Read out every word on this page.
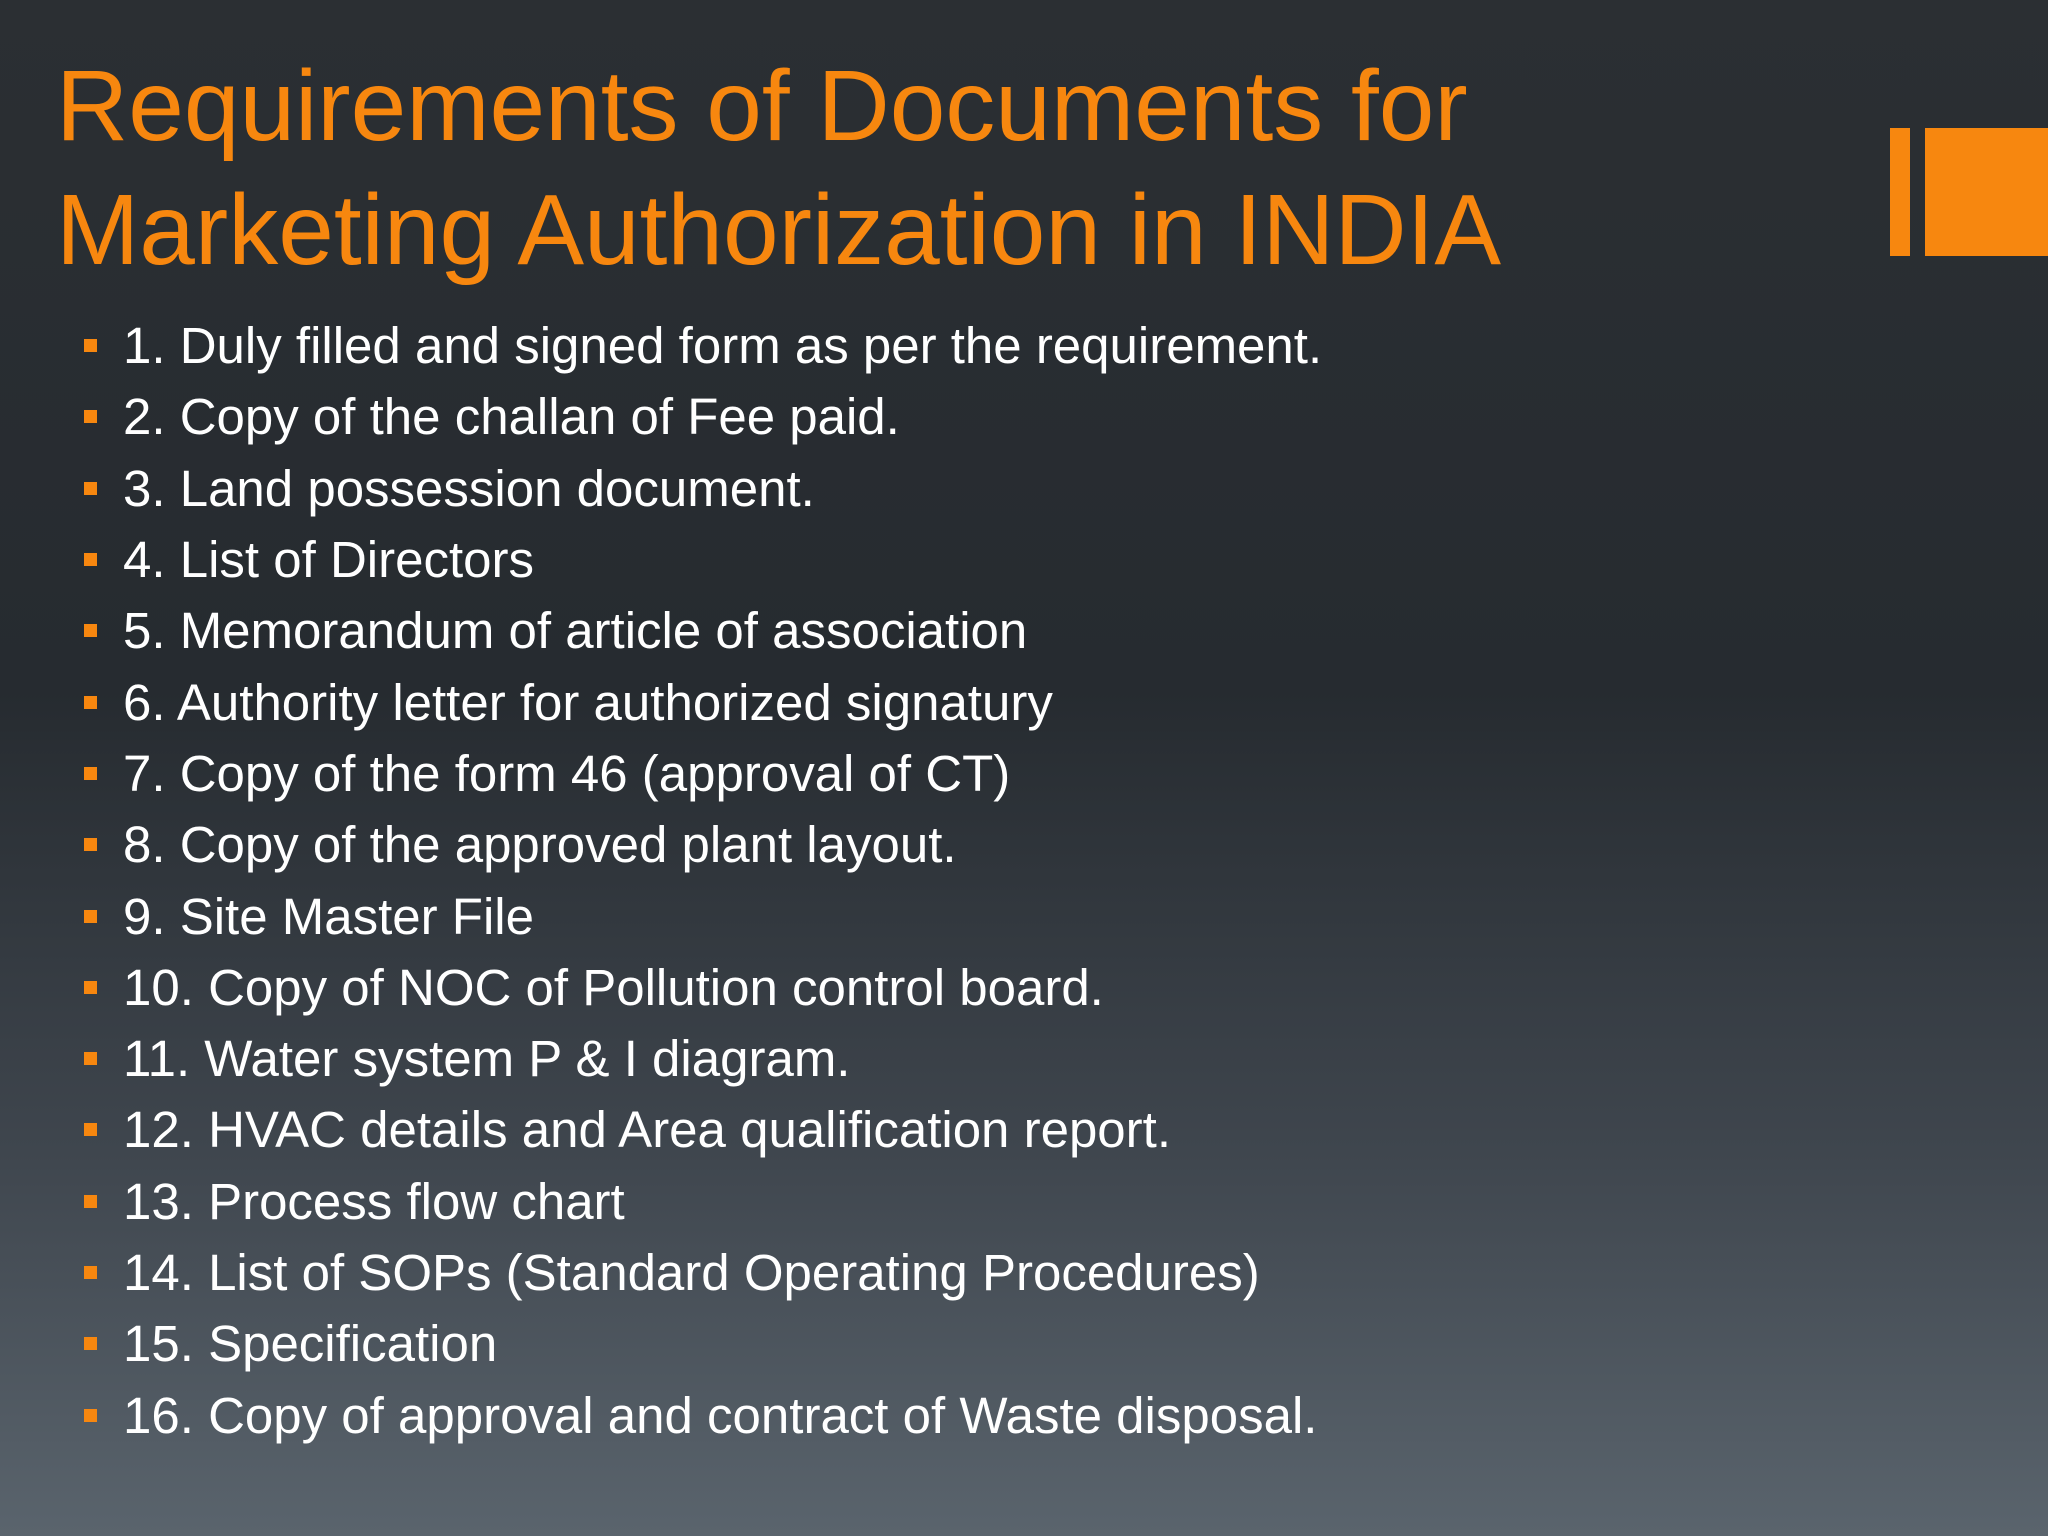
Requirements of Documents for
Marketing Authorization in INDIA
1. Duly filled and signed form as per the requirement.
2. Copy of the challan of Fee paid.
3. Land possession document.
4. List of Directors
5. Memorandum of article of association
6. Authority letter for authorized signatury
7. Copy of the form 46 (approval of CT)
8. Copy of the approved plant layout.
9. Site Master File
10. Copy of NOC of Pollution control board.
11. Water system P & I diagram.
12. HVAC details and Area qualification report.
13. Process flow chart
14. List of SOPs (Standard Operating Procedures)
15. Specification
16. Copy of approval and contract of Waste disposal.
